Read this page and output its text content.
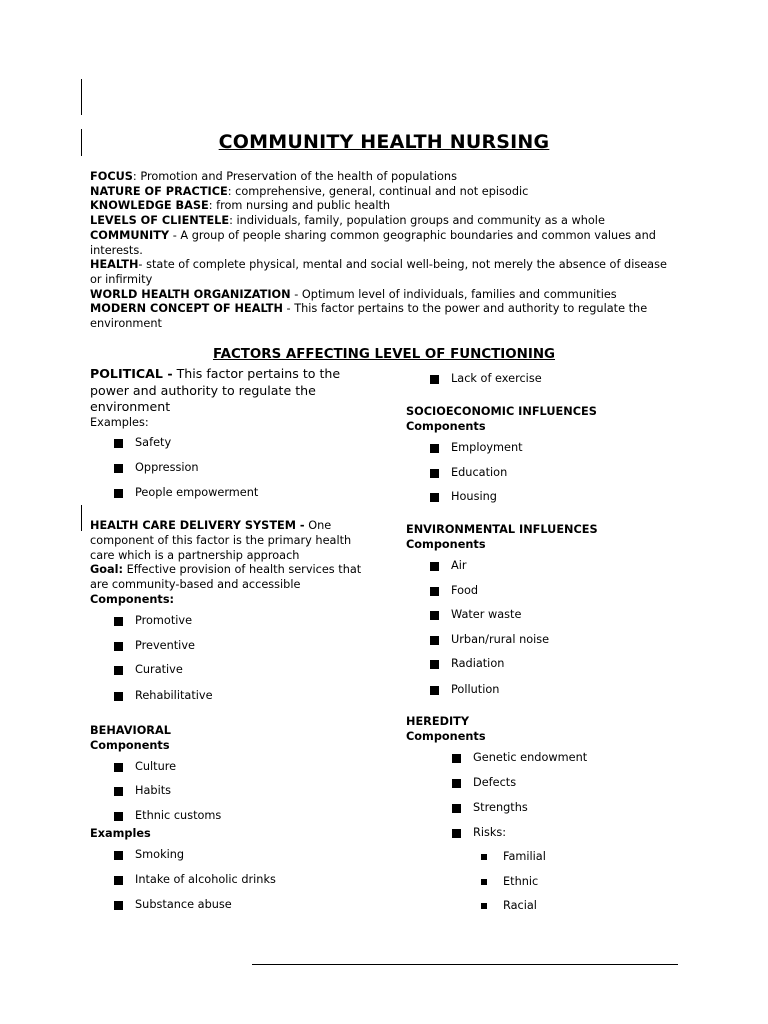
COMMUNITY HEALTH NURSING

FOCUS: Promotion and Preservation of the health of populations

NATURE OF PRACTICE: comprehensive, general, continual and not episodic

KNOWLEDGE BASE: from nursing and public health

LEVELS OF CLIENTELE: individuals, family, population groups and community as a whole

COMMUNITY - A group of people sharing common geographic boundaries and common values and interests.

HEALTH- state of complete physical, mental and social well-being, not merely the absence of disease or infirmity

WORLD HEALTH ORGANIZATION - Optimum level of individuals, families and communities

MODERN CONCEPT OF HEALTH - This factor pertains to the power and authority to regulate the environment

FACTORS AFFECTING LEVEL OF FUNCTIONING
POLITICAL - This factor pertains to the power and authority to regulate the environment
Examples:
Safety
Oppression
People empowerment
HEALTH CARE DELIVERY SYSTEM - One component of this factor is the primary health care which is a partnership approach
Goal: Effective provision of health services that are community-based and accessible
Components:
Promotive
Preventive
Curative
Rehabilitative
BEHAVIORAL
Components
Culture
Habits
Ethnic customs
Examples
Smoking
Intake of alcoholic drinks
Substance abuse
Lack of exercise
SOCIOECONOMIC INFLUENCES
Components
Employment
Education
Housing
ENVIRONMENTAL INFLUENCES
Components
Air
Food
Water waste
Urban/rural noise
Radiation
Pollution
HEREDITY
Components
Genetic endowment
Defects
Strengths
Risks:
Familial
Ethnic
Racial
